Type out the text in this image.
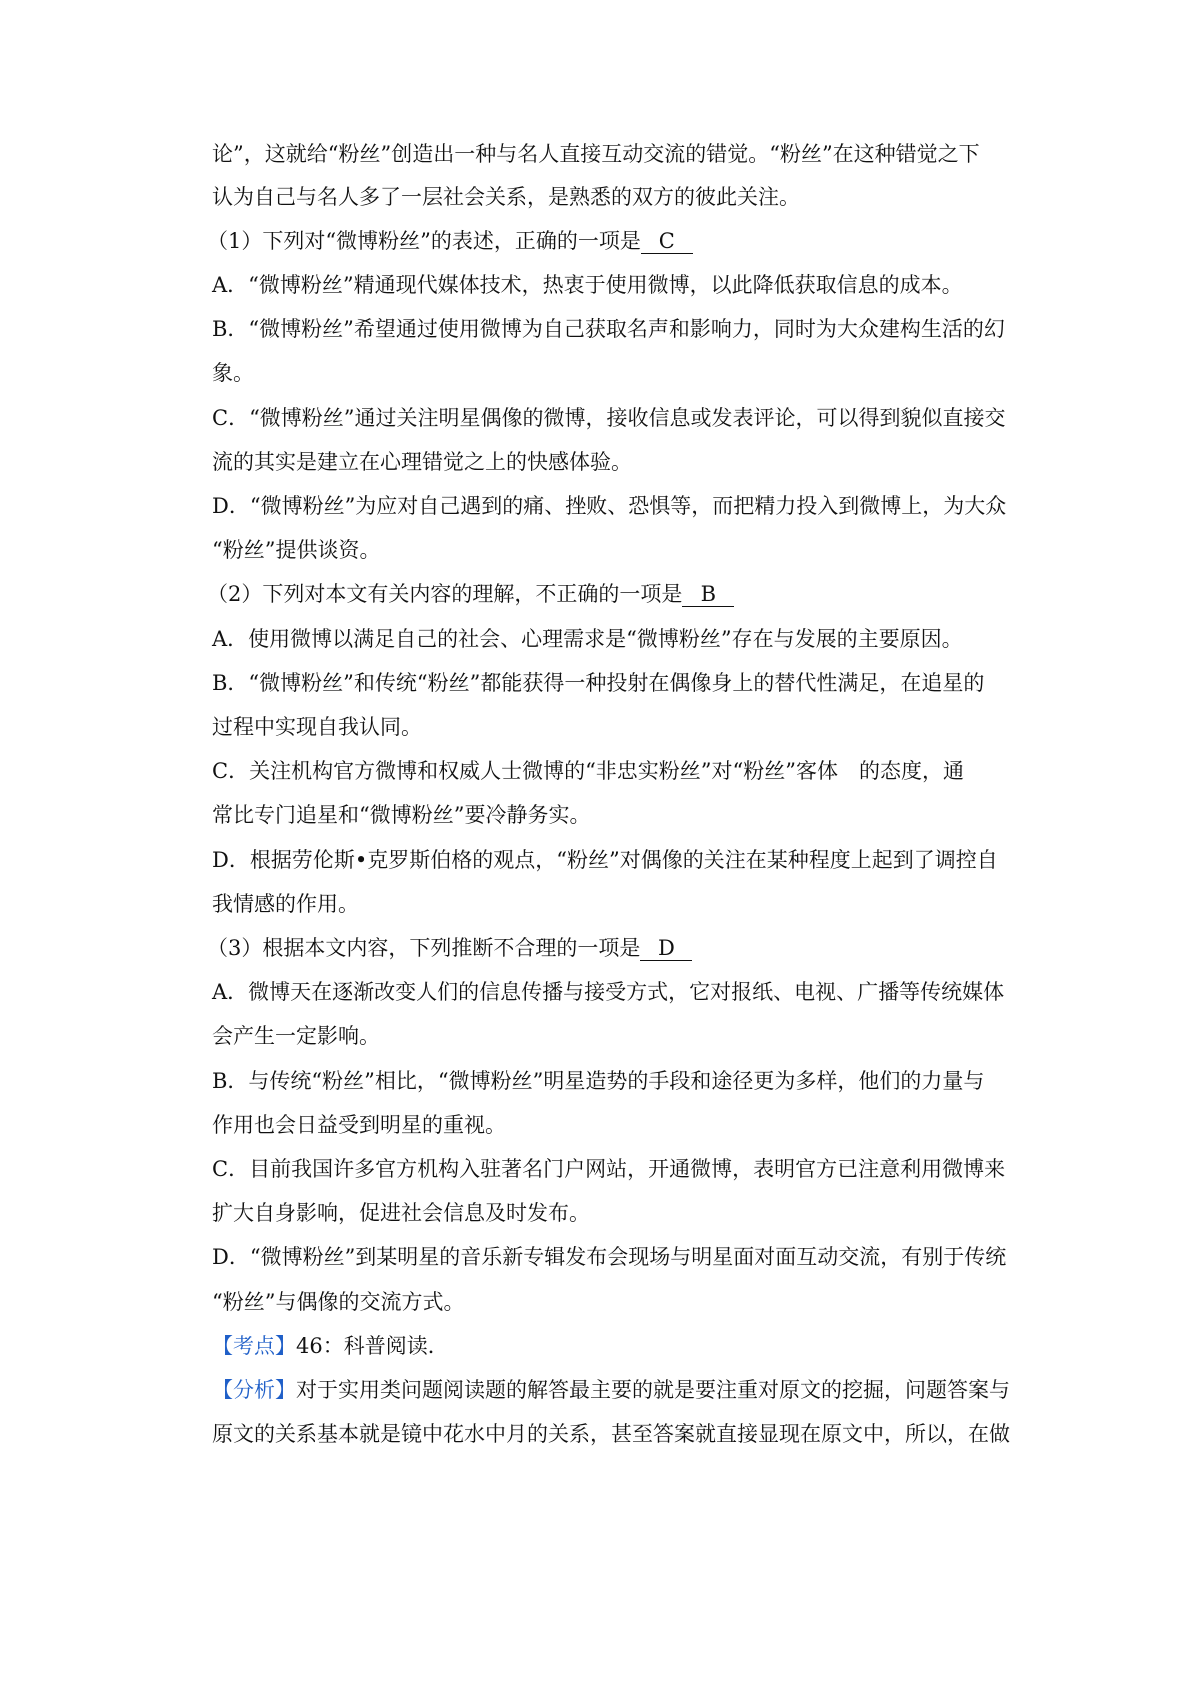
论”，这就给“粉丝”创造出一种与名人直接互动交流的错觉。“粉丝”在这种错觉之下
认为自己与名人多了一层社会关系，是熟悉的双方的彼此关注。
（1）下列对“微博粉丝”的表述，正确的一项是 C
A．“微博粉丝”精通现代媒体技术，热衷于使用微博，以此降低获取信息的成本。
B．“微博粉丝”希望通过使用微博为自己获取名声和影响力，同时为大众建构生活的幻
象。
C．“微博粉丝”通过关注明星偶像的微博，接收信息或发表评论，可以得到貌似直接交
流的其实是建立在心理错觉之上的快感体验。
D．“微博粉丝”为应对自己遇到的痛、挫败、恐惧等，而把精力投入到微博上，为大众
“粉丝”提供谈资。
（2）下列对本文有关内容的理解，不正确的一项是 B
A．使用微博以满足自己的社会、心理需求是“微博粉丝”存在与发展的主要原因。
B．“微博粉丝”和传统“粉丝”都能获得一种投射在偶像身上的替代性满足，在追星的
过程中实现自我认同。
C．关注机构官方微博和权威人士微博的“非忠实粉丝”对“粉丝”客体　的态度，通
常比专门追星和“微博粉丝”要冷静务实。
D．根据劳伦斯•克罗斯伯格的观点，“粉丝”对偶像的关注在某种程度上起到了调控自
我情感的作用。
（3）根据本文内容，下列推断不合理的一项是 D
A．微博天在逐渐改变人们的信息传播与接受方式，它对报纸、电视、广播等传统媒体
会产生一定影响。
B．与传统“粉丝”相比，“微博粉丝”明星造势的手段和途径更为多样，他们的力量与
作用也会日益受到明星的重视。
C．目前我国许多官方机构入驻著名门户网站，开通微博，表明官方已注意利用微博来
扩大自身影响，促进社会信息及时发布。
D．“微博粉丝”到某明星的音乐新专辑发布会现场与明星面对面互动交流，有别于传统
“粉丝”与偶像的交流方式。
【考点】46：科普阅读．
【分析】对于实用类问题阅读题的解答最主要的就是要注重对原文的挖掘，问题答案与
原文的关系基本就是镜中花水中月的关系，甚至答案就直接显现在原文中，所以，在做
